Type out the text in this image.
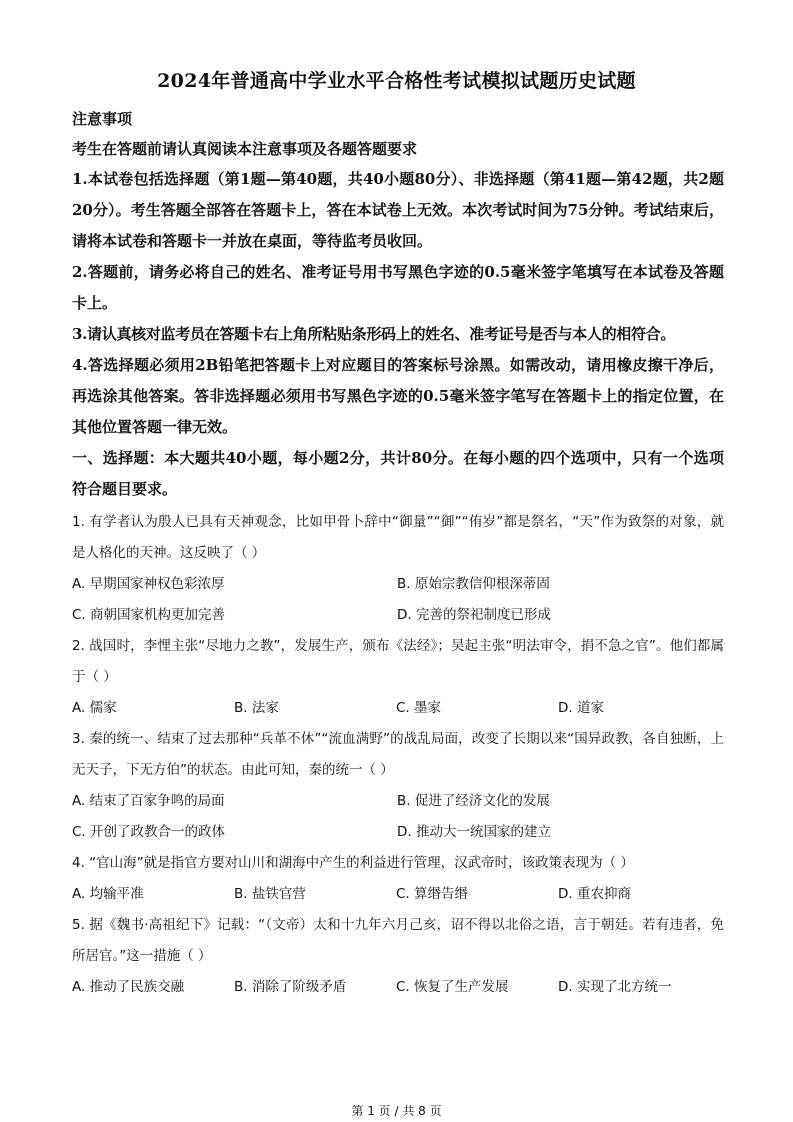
2024年普通高中学业水平合格性考试模拟试题历史试题

注意事项

考生在答题前请认真阅读本注意事项及各题答题要求

1.本试卷包括选择题（第1题—第40题，共40小题80分）、非选择题（第41题—第42题，共2题20分）。考生答题全部答在答题卡上，答在本试卷上无效。本次考试时间为75分钟。考试结束后，请将本试卷和答题卡一并放在桌面，等待监考员收回。

2.答题前，请务必将自己的姓名、准考证号用书写黑色字迹的0.5毫米签字笔填写在本试卷及答题卡上。

3.请认真核对监考员在答题卡右上角所粘贴条形码上的姓名、准考证号是否与本人的相符合。

4.答选择题必须用2B铅笔把答题卡上对应题目的答案标号涂黑。如需改动，请用橡皮擦干净后，再选涂其他答案。答非选择题必须用书写黑色字迹的0.5毫米签字笔写在答题卡上的指定位置，在其他位置答题一律无效。

一、选择题：本大题共40小题，每小题2分，共计80分。在每小题的四个选项中，只有一个选项符合题目要求。

1. 有学者认为殷人已具有天神观念，比如甲骨卜辞中“御量”“御”“侑岁”都是祭名，“天”作为致祭的对象，就是人格化的天神。这反映了（ ）

A. 早期国家神权色彩浓厚	B. 原始宗教信仰根深蒂固
C. 商朝国家机构更加完善	D. 完善的祭祀制度已形成

2. 战国时，李悝主张“尽地力之教”，发展生产，颁布《法经》；吴起主张“明法审令，捐不急之官”。他们都属于（ ）

A. 儒家	B. 法家	C. 墨家	D. 道家

3. 秦的统一、结束了过去那种“兵革不休”“流血满野”的战乱局面，改变了长期以来“国异政教，各自独断，上无天子，下无方伯”的状态。由此可知，秦的统一（ ）

A. 结束了百家争鸣的局面	B. 促进了经济文化的发展
C. 开创了政教合一的政体	D. 推动大一统国家的建立

4. “官山海”就是指官方要对山川和湖海中产生的利益进行管理，汉武帝时，该政策表现为（ ）

A. 均输平准	B. 盐铁官营	C. 算缗告缗	D. 重农抑商

5. 据《魏书·高祖纪下》记载：“（文帝）太和十九年六月己亥，诏不得以北俗之语，言于朝廷。若有违者，免所居官。”这一措施（ ）

A. 推动了民族交融	B. 消除了阶级矛盾	C. 恢复了生产发展	D. 实现了北方统一
第 1 页 / 共 8 页
